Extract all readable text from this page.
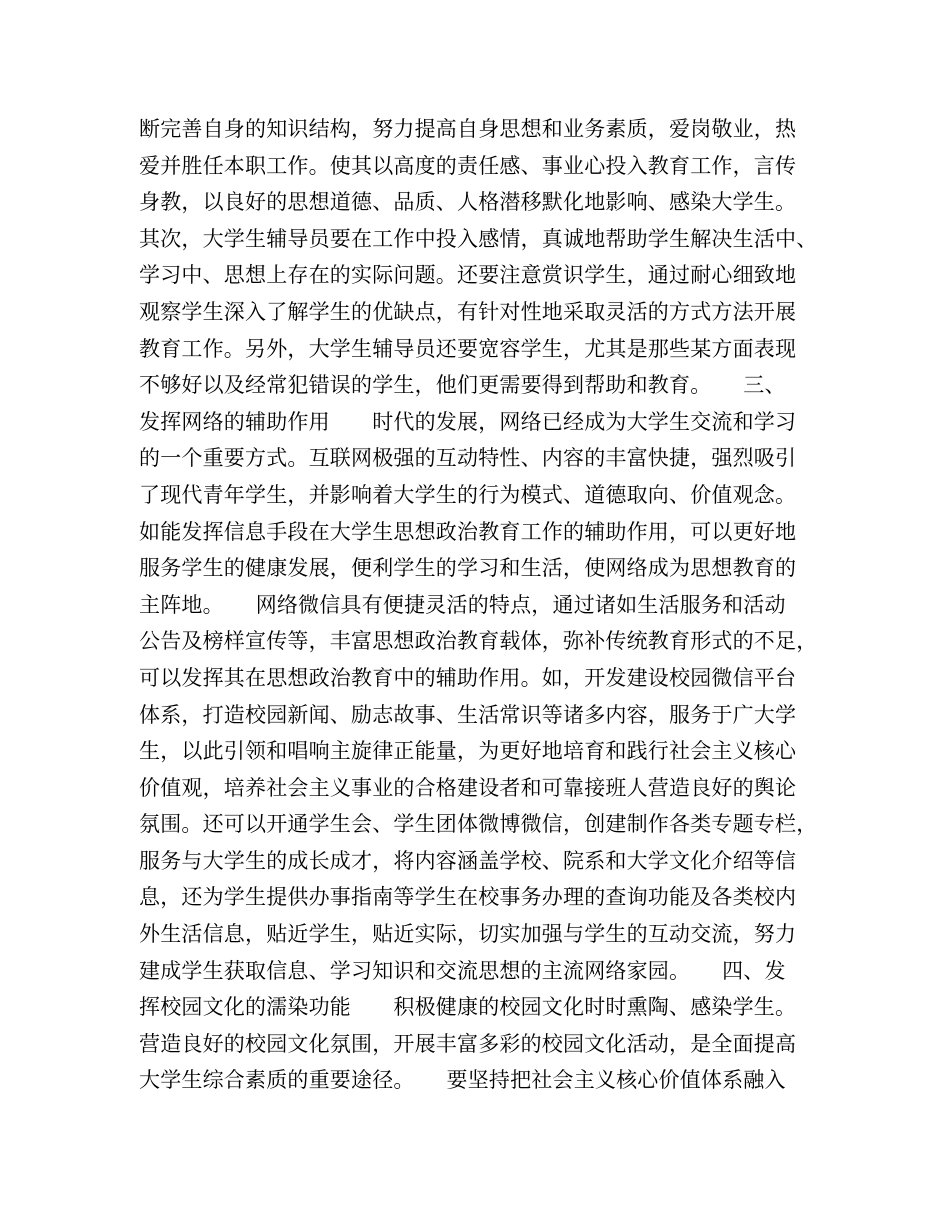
断完善自身的知识结构，努力提高自身思想和业务素质，爱岗敬业，热
爱并胜任本职工作。使其以高度的责任感、事业心投入教育工作，言传
身教，以良好的思想道德、品质、人格潜移默化地影响、感染大学生。
其次，大学生辅导员要在工作中投入感情，真诚地帮助学生解决生活中、
学习中、思想上存在的实际问题。还要注意赏识学生，通过耐心细致地
观察学生深入了解学生的优缺点，有针对性地采取灵活的方式方法开展
教育工作。另外，大学生辅导员还要宽容学生，尤其是那些某方面表现
不够好以及经常犯错误的学生，他们更需要得到帮助和教育。　　三、
发挥网络的辅助作用　　时代的发展，网络已经成为大学生交流和学习
的一个重要方式。互联网极强的互动特性、内容的丰富快捷，强烈吸引
了现代青年学生，并影响着大学生的行为模式、道德取向、价值观念。
如能发挥信息手段在大学生思想政治教育工作的辅助作用，可以更好地
服务学生的健康发展，便利学生的学习和生活，使网络成为思想教育的
主阵地。　　网络微信具有便捷灵活的特点，通过诸如生活服务和活动
公告及榜样宣传等，丰富思想政治教育载体，弥补传统教育形式的不足，
可以发挥其在思想政治教育中的辅助作用。如，开发建设校园微信平台
体系，打造校园新闻、励志故事、生活常识等诸多内容，服务于广大学
生，以此引领和唱响主旋律正能量，为更好地培育和践行社会主义核心
价值观，培养社会主义事业的合格建设者和可靠接班人营造良好的舆论
氛围。还可以开通学生会、学生团体微博微信，创建制作各类专题专栏，
服务与大学生的成长成才，将内容涵盖学校、院系和大学文化介绍等信
息，还为学生提供办事指南等学生在校事务办理的查询功能及各类校内
外生活信息，贴近学生，贴近实际，切实加强与学生的互动交流，努力
建成学生获取信息、学习知识和交流思想的主流网络家园。　　四、发
挥校园文化的濡染功能　　积极健康的校园文化时时熏陶、感染学生。
营造良好的校园文化氛围，开展丰富多彩的校园文化活动，是全面提高
大学生综合素质的重要途径。　　要坚持把社会主义核心价值体系融入
